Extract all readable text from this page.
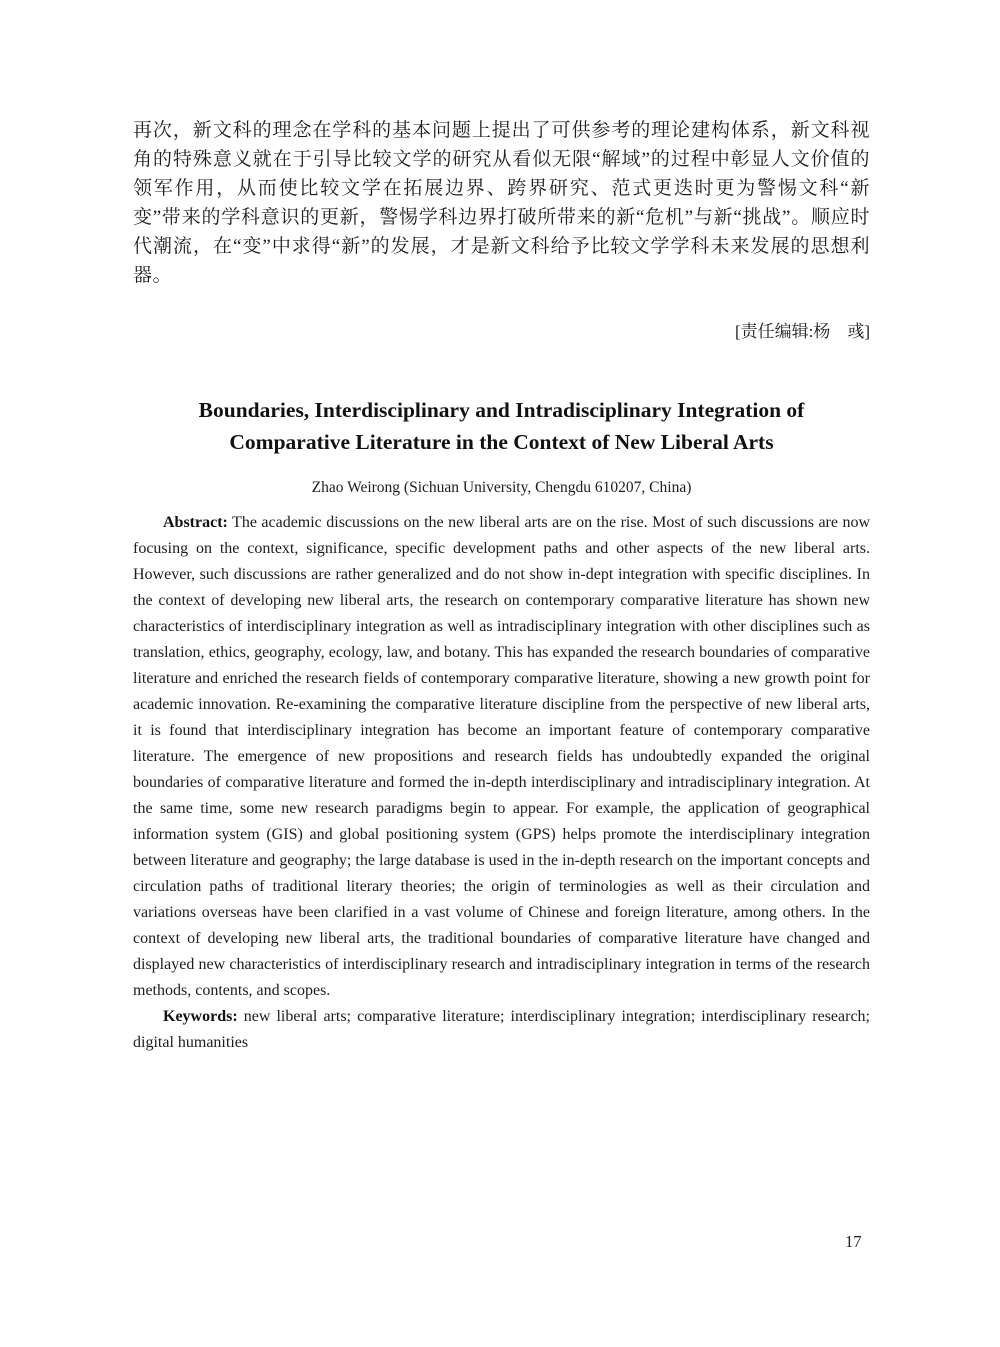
再次，新文科的理念在学科的基本问题上提出了可供参考的理论建构体系，新文科视角的特殊意义就在于引导比较文学的研究从看似无限“解域”的过程中彰显人文价值的领军作用，从而使比较文学在拓展边界、跨界研究、范式更迭时更为警惕文科“新变”带来的学科意识的更新，警惕学科边界打破所带来的新“危机”与新“挑战”。顺应时代潮流，在“变”中求得“新”的发展，才是新文科给予比较文学学科未来发展的思想利器。

[责任编辑:杨　彧]

Boundaries, Interdisciplinary and Intradisciplinary Integration of
Comparative Literature in the Context of New Liberal Arts

Zhao Weirong (Sichuan University, Chengdu 610207, China)

Abstract: The academic discussions on the new liberal arts are on the rise. Most of such discussions are now focusing on the context, significance, specific development paths and other aspects of the new liberal arts. However, such discussions are rather generalized and do not show in-dept integration with specific disciplines. In the context of developing new liberal arts, the research on contemporary comparative literature has shown new characteristics of interdisciplinary integration as well as intradisciplinary integration with other disciplines such as translation, ethics, geography, ecology, law, and botany. This has expanded the research boundaries of comparative literature and enriched the research fields of contemporary comparative literature, showing a new growth point for academic innovation. Re-examining the comparative literature discipline from the perspective of new liberal arts, it is found that interdisciplinary integration has become an important feature of contemporary comparative literature. The emergence of new propositions and research fields has undoubtedly expanded the original boundaries of comparative literature and formed the in-depth interdisciplinary and intradisciplinary integration. At the same time, some new research paradigms begin to appear. For example, the application of geographical information system (GIS) and global positioning system (GPS) helps promote the interdisciplinary integration between literature and geography; the large database is used in the in-depth research on the important concepts and circulation paths of traditional literary theories; the origin of terminologies as well as their circulation and variations overseas have been clarified in a vast volume of Chinese and foreign literature, among others. In the context of developing new liberal arts, the traditional boundaries of comparative literature have changed and displayed new characteristics of interdisciplinary research and intradisciplinary integration in terms of the research methods, contents, and scopes.

Keywords: new liberal arts; comparative literature; interdisciplinary integration; interdisciplinary research; digital humanities

17
